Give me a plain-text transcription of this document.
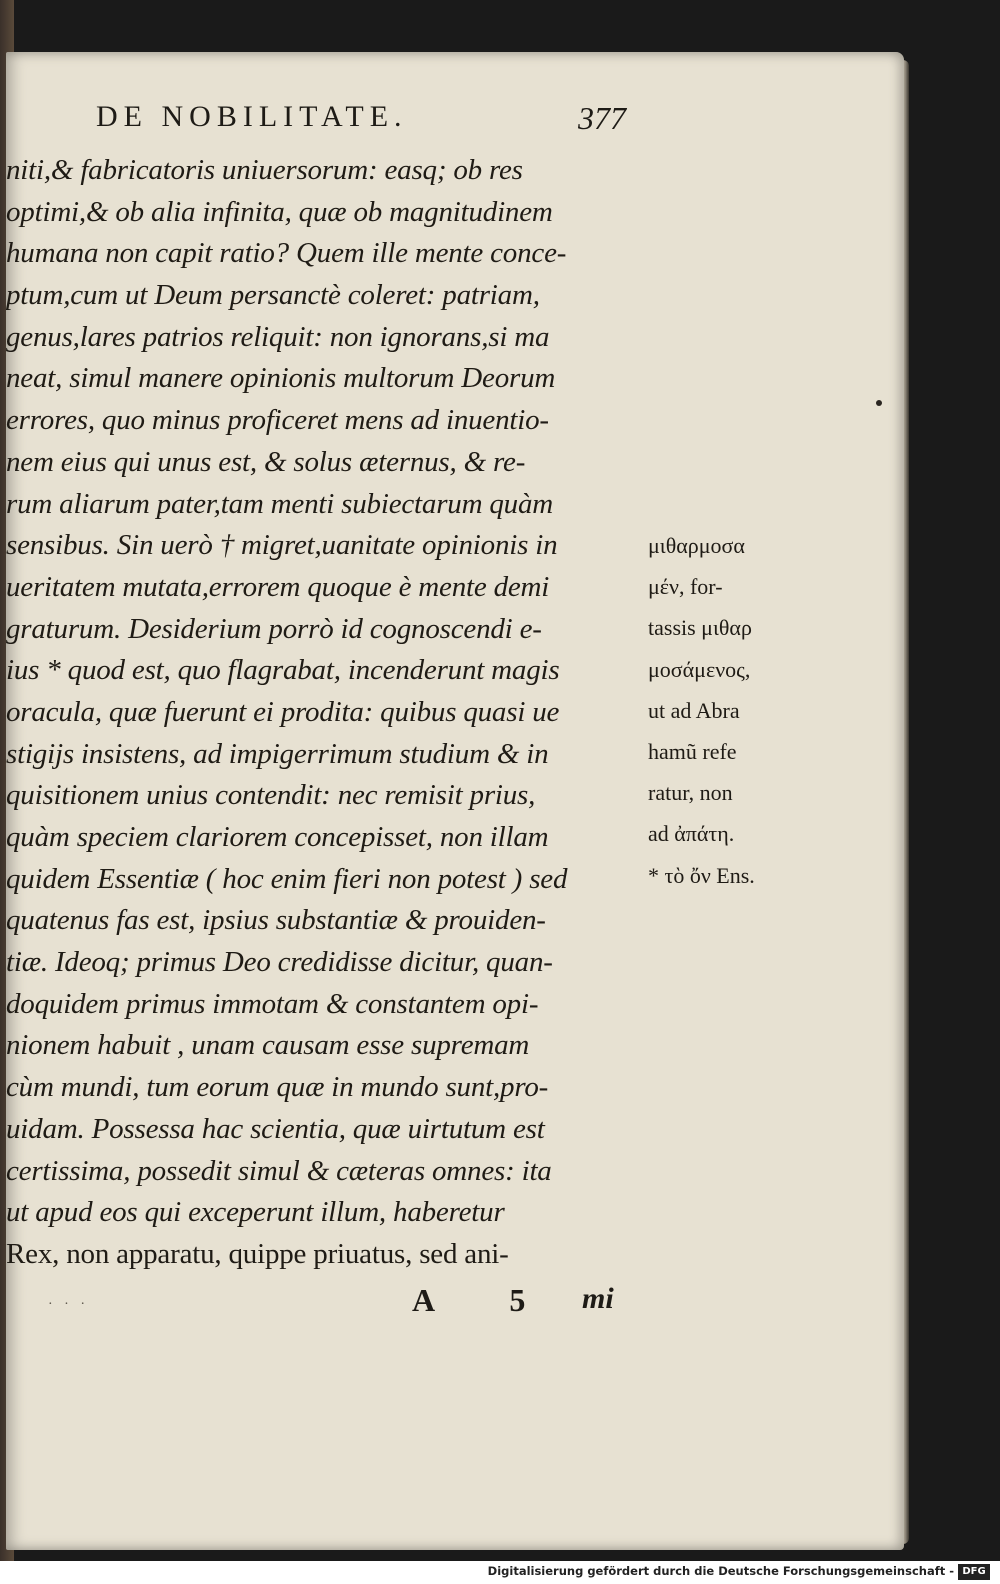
DE NOBILITATE.	377
niti,& fabricatoris uniuersorum: easq; ob res
optimi,& ob alia infinita, quæ ob magnitudinem
humana non capit ratio? Quem ille mente conce-
ptum,cum ut Deum persanctè coleret: patriam,
genus,lares patrios reliquit: non ignorans,si ma
neat, simul manere opinionis multorum Deorum
errores, quo minus proficeret mens ad inuentio-
nem eius qui unus est, & solus æternus, & re-
rum aliarum pater,tam menti subiectarum quàm
sensibus. Sin uerò † migret,uanitate opinionis in
ueritatem mutata,errorem quoque è mente demi
graturum. Desiderium porrò id cognoscendi e-
ius * quod est, quo flagrabat, incenderunt magis
oracula, quæ fuerunt ei prodita: quibus quasi ue
stigijs insistens, ad impigerrimum studium & in
quisitionem unius contendit: nec remisit prius,
quàm speciem clariorem concepisset, non illam
quidem Essentiæ ( hoc enim fieri non potest ) sed
quatenus fas est, ipsius substantiæ & prouiden-
tiæ. Ideoq; primus Deo credidisse dicitur, quan-
doquidem primus immotam & constantem opi-
nionem habuit , unam causam esse supremam
cùm mundi, tum eorum quæ in mundo sunt,pro-
uidam. Possessa hac scientia, quæ uirtutum est
certissima, possedit simul & cæteras omnes: ita
ut apud eos qui exceperunt illum, haberetur
Rex, non apparatu, quippe priuatus, sed ani-
μιθαρμοσα
μέν, for-
tassis μιθαρ
μοσάμενος,
ut ad Abra
hamũ refe
ratur, non
ad ἀπάτη.
* τὸ ὄν Ens.
· · ·	A 5 mi
Digitalisierung gefördert durch die Deutsche Forschungsgemeinschaft - DFG
